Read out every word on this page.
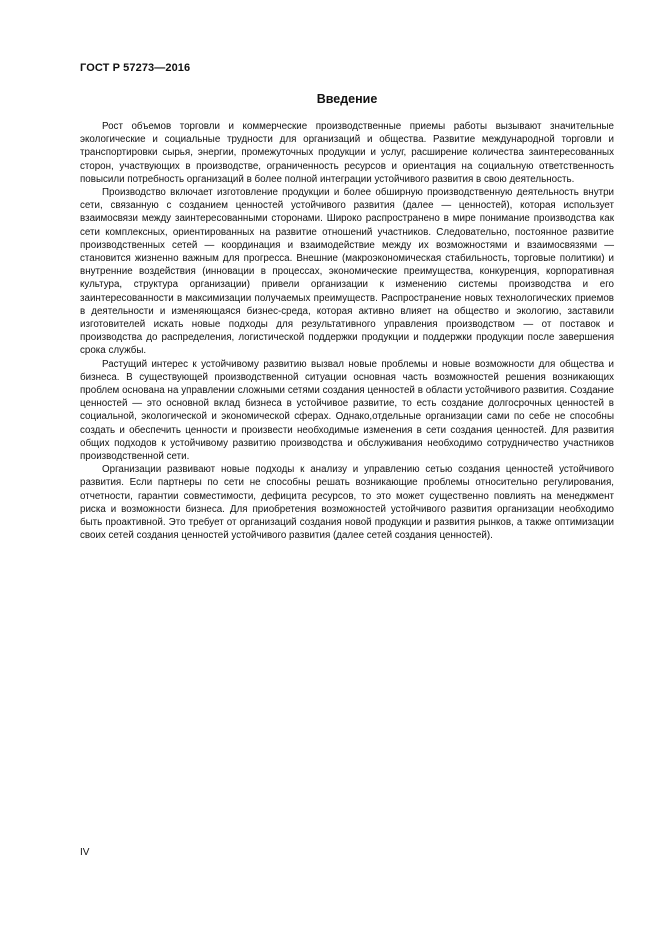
ГОСТ Р 57273—2016
Введение

Рост объемов торговли и коммерческие производственные приемы работы вызывают значительные экологические и социальные трудности для организаций и общества. Развитие международной торговли и транспортировки сырья, энергии, промежуточных продукции и услуг, расширение количества заинтересованных сторон, участвующих в производстве, ограниченность ресурсов и ориентация на социальную ответственность повысили потребность организаций в более полной интеграции устойчивого развития в свою деятельность.

Производство включает изготовление продукции и более обширную производственную деятельность внутри сети, связанную с созданием ценностей устойчивого развития (далее — ценностей), которая использует взаимосвязи между заинтересованными сторонами. Широко распространено в мире понимание производства как сети комплексных, ориентированных на развитие отношений участников. Следовательно, постоянное развитие производственных сетей — координация и взаимодействие между их возможностями и взаимосвязями — становится жизненно важным для прогресса. Внешние (макроэкономическая стабильность, торговые политики) и внутренние воздействия (инновации в процессах, экономические преимущества, конкуренция, корпоративная культура, структура организации) привели организации к изменению системы производства и его заинтересованности в максимизации получаемых преимуществ. Распространение новых технологических приемов в деятельности и изменяющаяся бизнес-среда, которая активно влияет на общество и экологию, заставили изготовителей искать новые подходы для результативного управления производством — от поставок и производства до распределения, логистической поддержки продукции и поддержки продукции после завершения срока службы.

Растущий интерес к устойчивому развитию вызвал новые проблемы и новые возможности для общества и бизнеса. В существующей производственной ситуации основная часть возможностей решения возникающих проблем основана на управлении сложными сетями создания ценностей в области устойчивого развития. Создание ценностей — это основной вклад бизнеса в устойчивое развитие, то есть создание долгосрочных ценностей в социальной, экологической и экономической сферах. Однако,отдельные организации сами по себе не способны создать и обеспечить ценности и произвести необходимые изменения в сети создания ценностей. Для развития общих подходов к устойчивому развитию производства и обслуживания необходимо сотрудничество участников производственной сети.

Организации развивают новые подходы к анализу и управлению сетью создания ценностей устойчивого развития. Если партнеры по сети не способны решать возникающие проблемы относительно регулирования, отчетности, гарантии совместимости, дефицита ресурсов, то это может существенно повлиять на менеджмент риска и возможности бизнеса. Для приобретения возможностей устойчивого развития организации необходимо быть проактивной. Это требует от организаций создания новой продукции и развития рынков, а также оптимизации своих сетей создания ценностей устойчивого развития (далее сетей создания ценностей).

IV
